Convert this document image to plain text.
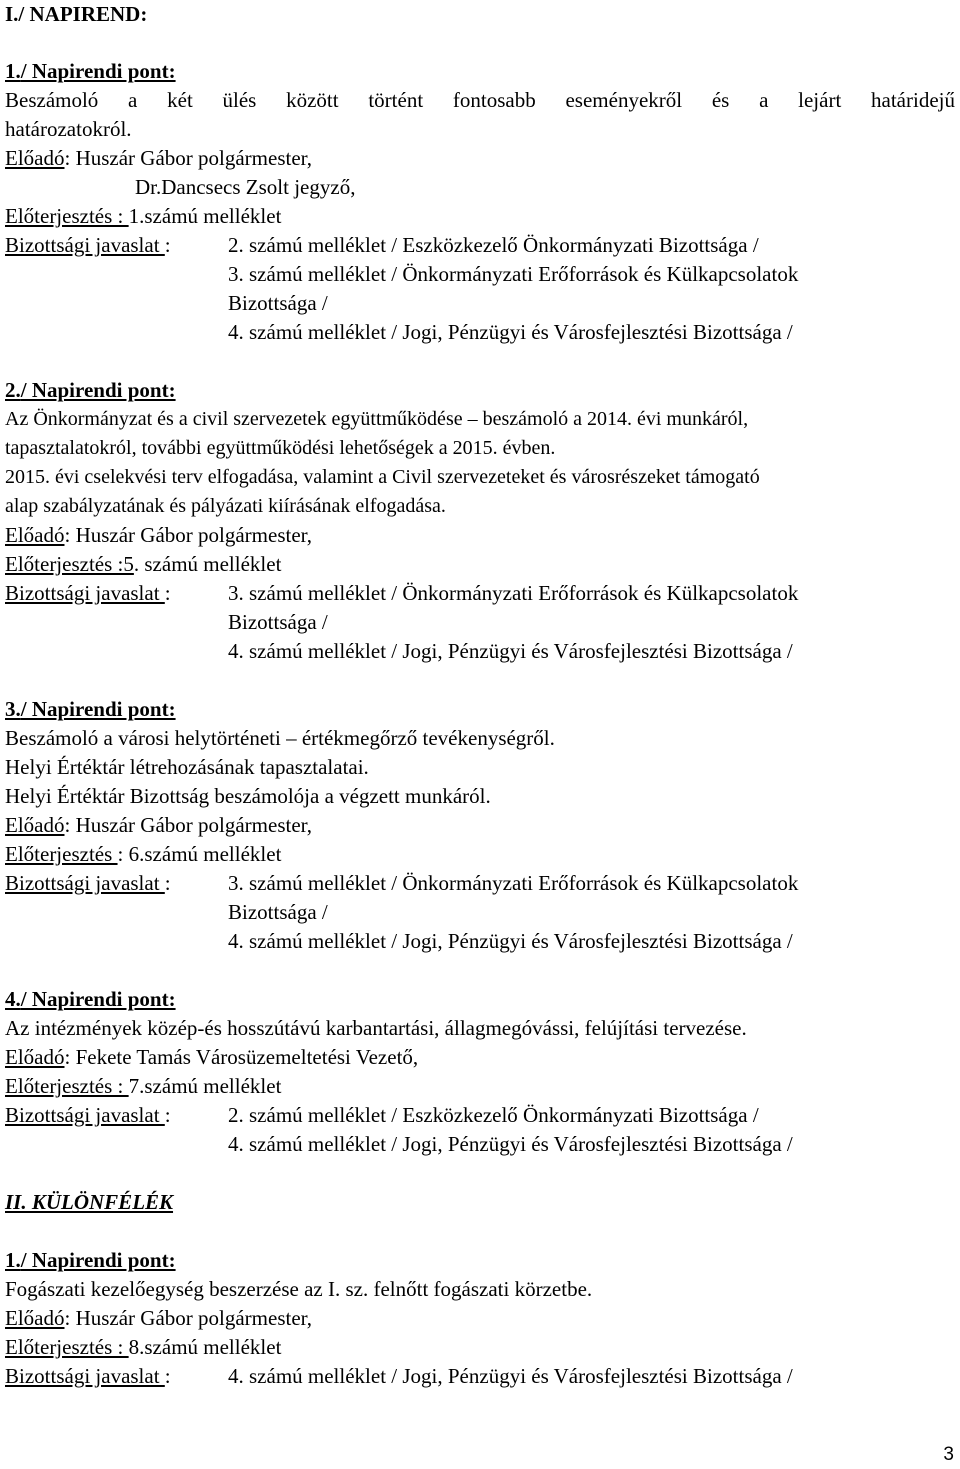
I./ NAPIREND:
1./ Napirendi pont:
Beszámoló a két ülés között történt fontosabb eseményekről és a lejárt határidejű
határozatokról.
Előadó: Huszár Gábor polgármester,
Dr.Dancsecs Zsolt jegyző,
Előterjesztés : 1.számú melléklet
Bizottsági javaslat :	2. számú melléklet / Eszközkezelő Önkormányzati Bizottsága /
3. számú melléklet / Önkormányzati Erőforrások és Külkapcsolatok
Bizottsága /
4. számú melléklet / Jogi, Pénzügyi és Városfejlesztési Bizottsága /
2./ Napirendi pont:
Az Önkormányzat és a civil szervezetek együttműködése – beszámoló a 2014. évi munkáról,
tapasztalatokról, további együttműködési lehetőségek a 2015. évben.
2015. évi cselekvési terv elfogadása, valamint a Civil szervezeteket és városrészeket támogató
alap szabályzatának és pályázati kiírásának elfogadása.
Előadó: Huszár Gábor polgármester,
Előterjesztés :5. számú melléklet
Bizottsági javaslat :	3. számú melléklet / Önkormányzati Erőforrások és Külkapcsolatok
Bizottsága /
4. számú melléklet / Jogi, Pénzügyi és Városfejlesztési Bizottsága /
3./ Napirendi pont:
Beszámoló a városi helytörténeti – értékmegőrző tevékenységről.
Helyi Értéktár létrehozásának tapasztalatai.
Helyi Értéktár Bizottság beszámolója a végzett munkáról.
Előadó: Huszár Gábor polgármester,
Előterjesztés : 6.számú melléklet
Bizottsági javaslat :	3. számú melléklet / Önkormányzati Erőforrások és Külkapcsolatok
Bizottsága /
4. számú melléklet / Jogi, Pénzügyi és Városfejlesztési Bizottsága /
4./ Napirendi pont:
Az intézmények közép-és hosszútávú karbantartási, állagmegóvássi, felújítási tervezése.
Előadó: Fekete Tamás Városüzemeltetési Vezető,
Előterjesztés : 7.számú melléklet
Bizottsági javaslat :	2. számú melléklet / Eszközkezelő Önkormányzati Bizottsága /
4. számú melléklet / Jogi, Pénzügyi és Városfejlesztési Bizottsága /
II. KÜLÖNFÉLÉK
1./ Napirendi pont:
Fogászati kezelőegység beszerzése az I. sz. felnőtt fogászati körzetbe.
Előadó: Huszár Gábor polgármester,
Előterjesztés : 8.számú melléklet
Bizottsági javaslat :	4. számú melléklet / Jogi, Pénzügyi és Városfejlesztési Bizottsága /
3
